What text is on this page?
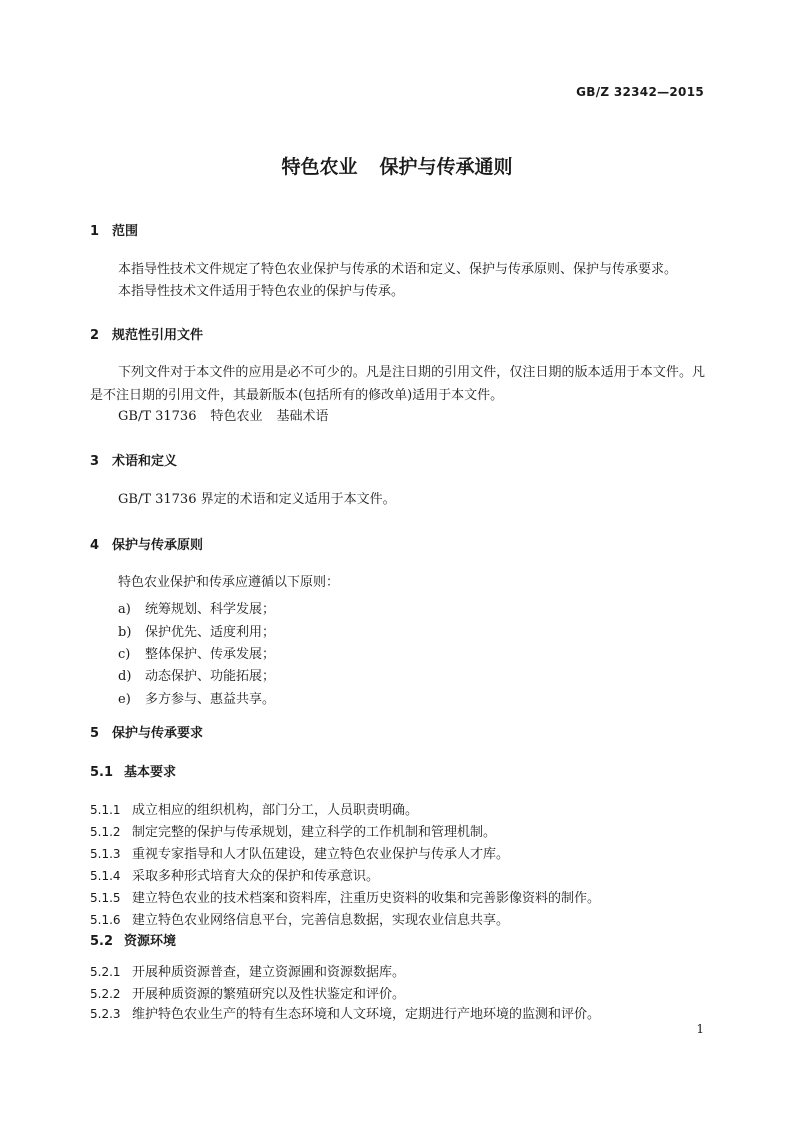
GB/Z 32342—2015
特色农业 保护与传承通则
1 范围
本指导性技术文件规定了特色农业保护与传承的术语和定义、保护与传承原则、保护与传承要求。
本指导性技术文件适用于特色农业的保护与传承。
2 规范性引用文件
下列文件对于本文件的应用是必不可少的。凡是注日期的引用文件，仅注日期的版本适用于本文件。凡是不注日期的引用文件，其最新版本(包括所有的修改单)适用于本文件。
GB/T 31736 特色农业 基础术语
3 术语和定义
GB/T 31736 界定的术语和定义适用于本文件。
4 保护与传承原则
特色农业保护和传承应遵循以下原则：
a) 统筹规划、科学发展；
b) 保护优先、适度利用；
c) 整体保护、传承发展；
d) 动态保护、功能拓展；
e) 多方参与、惠益共享。
5 保护与传承要求
5.1 基本要求
5.1.1 成立相应的组织机构，部门分工，人员职责明确。
5.1.2 制定完整的保护与传承规划，建立科学的工作机制和管理机制。
5.1.3 重视专家指导和人才队伍建设，建立特色农业保护与传承人才库。
5.1.4 采取多种形式培育大众的保护和传承意识。
5.1.5 建立特色农业的技术档案和资料库，注重历史资料的收集和完善影像资料的制作。
5.1.6 建立特色农业网络信息平台，完善信息数据，实现农业信息共享。
5.2 资源环境
5.2.1 开展种质资源普查，建立资源圃和资源数据库。
5.2.2 开展种质资源的繁殖研究以及性状鉴定和评价。
5.2.3 维护特色农业生产的特有生态环境和人文环境，定期进行产地环境的监测和评价。
1
